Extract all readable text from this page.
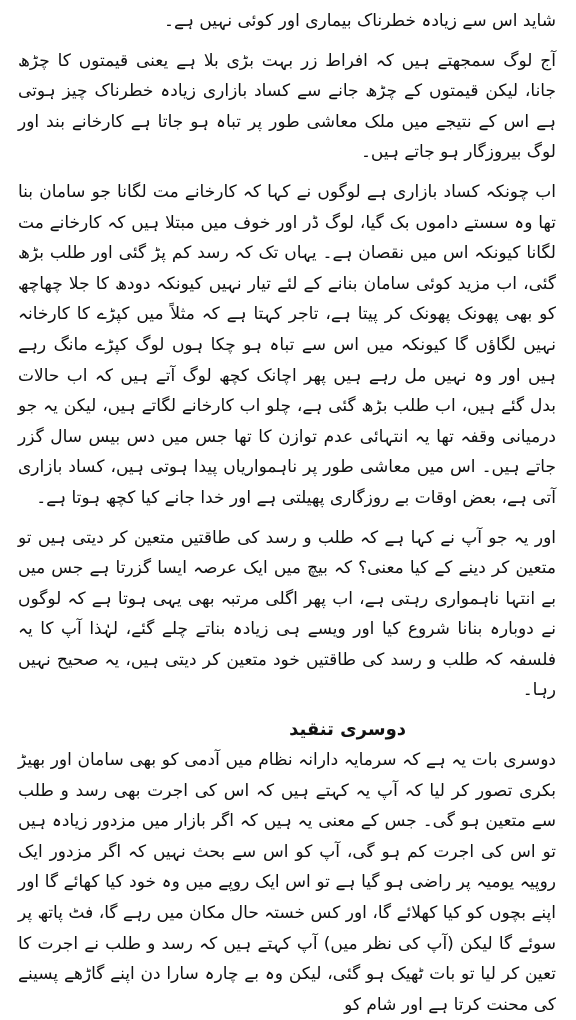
شاید اس سے زیادہ خطرناک بیماری اور کوئی نہیں ہے۔

آج لوگ سمجھتے ہیں کہ افراط زر بہت بڑی بلا ہے یعنی قیمتوں کا چڑھ جانا، لیکن قیمتوں کے چڑھ جانے سے کساد بازاری زیادہ خطرناک چیز ہوتی ہے اس کے نتیجے میں ملک معاشی طور پر تباہ ہو جاتا ہے کارخانے بند اور لوگ بیروزگار ہو جاتے ہیں۔

اب چونکہ کساد بازاری ہے لوگوں نے کہا کہ کارخانے مت لگانا جو سامان بنا تھا وہ سستے داموں بک گیا، لوگ ڈر اور خوف میں مبتلا ہیں کہ کارخانے مت لگانا کیونکہ اس میں نقصان ہے۔ یہاں تک کہ رسد کم پڑ گئی اور طلب بڑھ گئی، اب مزید کوئی سامان بنانے کے لئے تیار نہیں کیونکہ دودھ کا جلا چھاچھ کو بھی پھونک پھونک کر پیتا ہے، تاجر کہتا ہے کہ مثلاً میں کپڑے کا کارخانہ نہیں لگاؤں گا کیونکہ میں اس سے تباہ ہو چکا ہوں لوگ کپڑے مانگ رہے ہیں اور وہ نہیں مل رہے ہیں پھر اچانک کچھ لوگ آتے ہیں کہ اب حالات بدل گئے ہیں، اب طلب بڑھ گئی ہے، چلو اب کارخانے لگاتے ہیں، لیکن یہ جو درمیانی وقفہ تھا یہ انتہائی عدم توازن کا تھا جس میں دس بیس سال گزر جاتے ہیں۔ اس میں معاشی طور پر ناہمواریاں پیدا ہوتی ہیں، کساد بازاری آتی ہے، بعض اوقات بے روزگاری پھیلتی ہے اور خدا جانے کیا کچھ ہوتا ہے۔

اور یہ جو آپ نے کہا ہے کہ طلب و رسد کی طاقتیں متعین کر دیتی ہیں تو متعین کر دینے کے کیا معنی؟ کہ بیچ میں ایک عرصہ ایسا گزرتا ہے جس میں بے انتہا ناہمواری رہتی ہے، اب پھر اگلی مرتبہ بھی یہی ہوتا ہے کہ لوگوں نے دوبارہ بنانا شروع کیا اور ویسے ہی زیادہ بناتے چلے گئے، لہٰذا آپ کا یہ فلسفہ کہ طلب و رسد کی طاقتیں خود متعین کر دیتی ہیں، یہ صحیح نہیں رہا۔

دوسری تنقید

دوسری بات یہ ہے کہ سرمایہ دارانہ نظام میں آدمی کو بھی سامان اور بھیڑ بکری تصور کر لیا کہ آپ یہ کہتے ہیں کہ اس کی اجرت بھی رسد و طلب سے متعین ہو گی۔ جس کے معنی یہ ہیں کہ اگر بازار میں مزدور زیادہ ہیں تو اس کی اجرت کم ہو گی، آپ کو اس سے بحث نہیں کہ اگر مزدور ایک روپیہ یومیہ پر راضی ہو گیا ہے تو اس ایک روپے میں وہ خود کیا کھائے گا اور اپنے بچوں کو کیا کھلائے گا، اور کس خستہ حال مکان میں رہے گا، فٹ پاتھ پر سوئے گا لیکن (آپ کی نظر میں) آپ کہتے ہیں کہ رسد و طلب نے اجرت کا تعین کر لیا تو بات ٹھیک ہو گئی، لیکن وہ بے چارہ سارا دن اپنے گاڑھے پسینے کی محنت کرتا ہے اور شام کو
